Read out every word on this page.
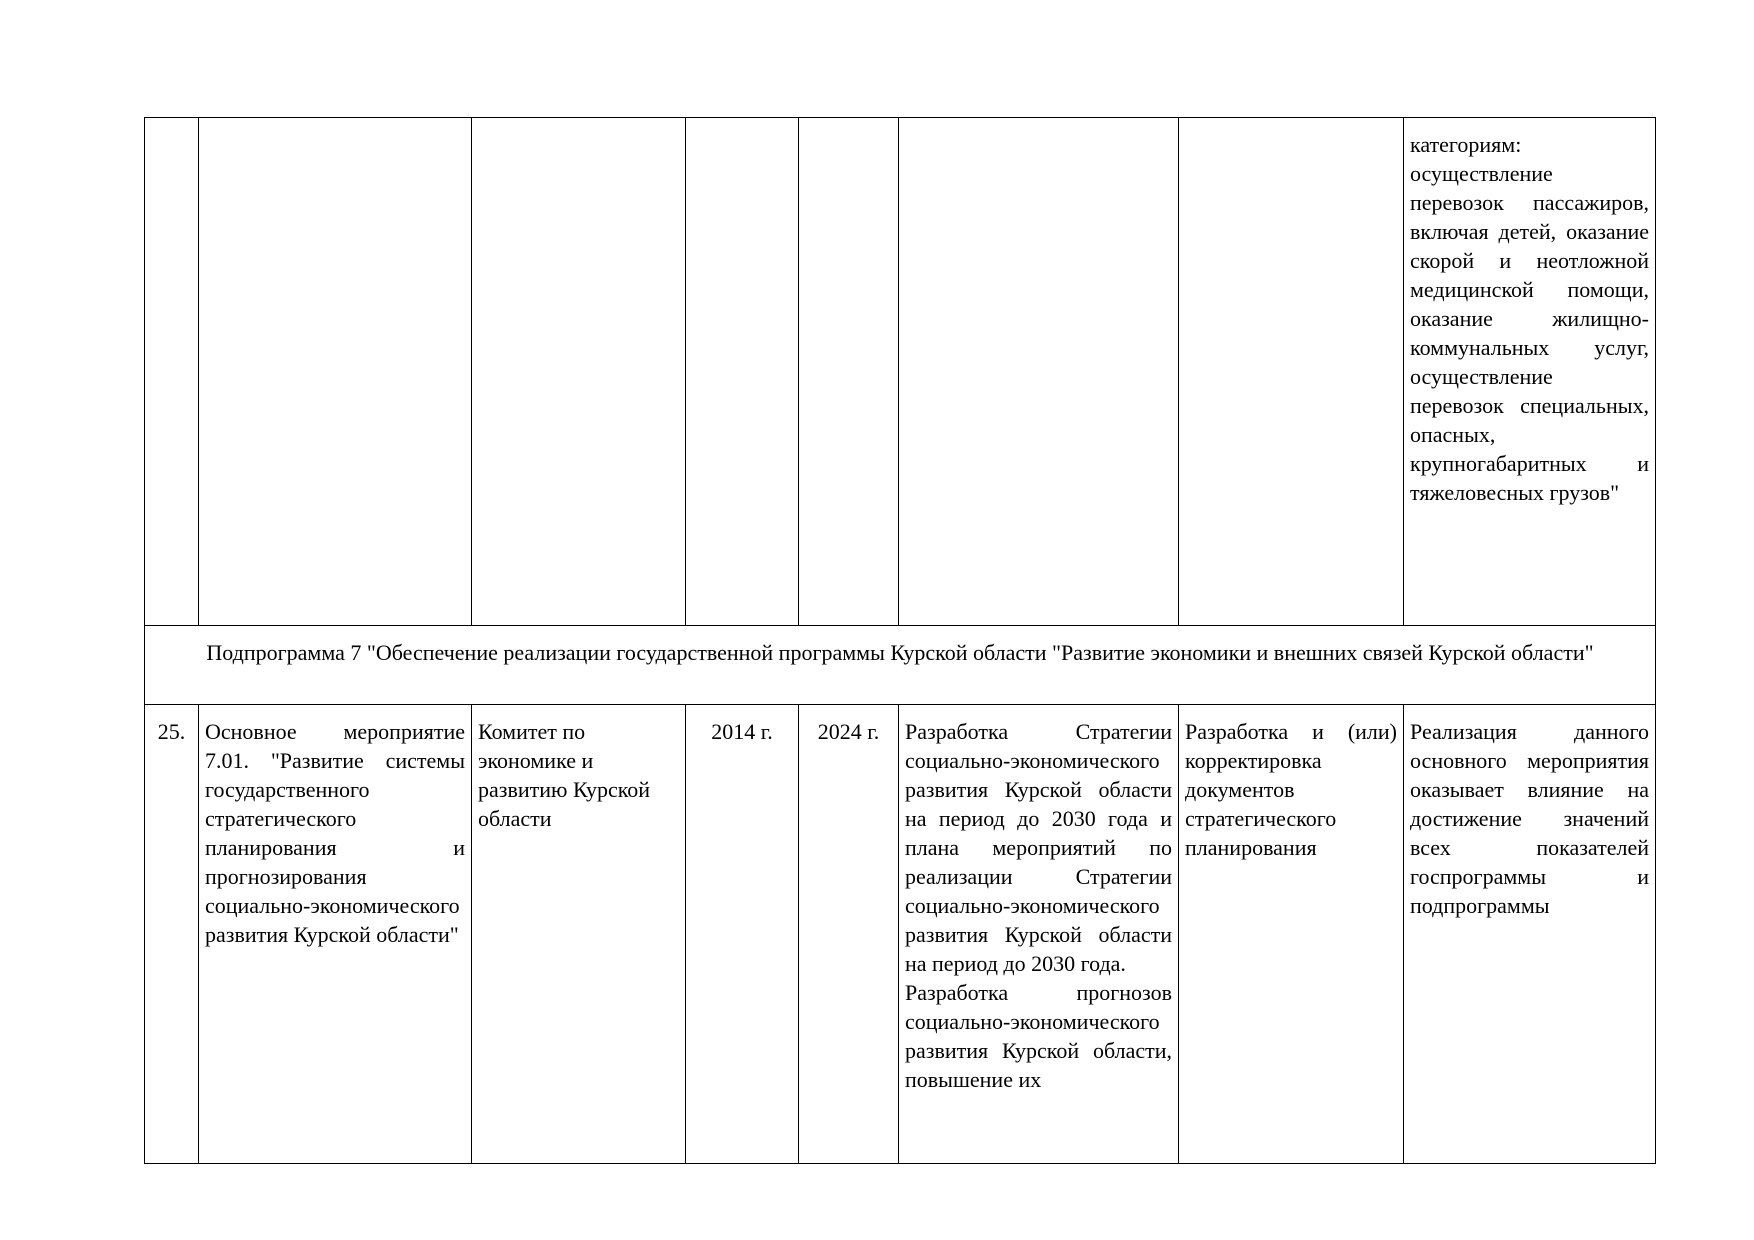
							категориям: осуществление перевозок пассажиров, включая детей, оказание скорой и неотложной медицинской помощи, оказание жилищно-коммунальных услуг, осуществление перевозок специальных, опасных, крупногабаритных и тяжеловесных грузов"
Подпрограмма 7 "Обеспечение реализации государственной программы Курской области "Развитие экономики и внешних связей Курской области"							
25.	Основное мероприятие 7.01. "Развитие системы государственного стратегического планирования и прогнозирования социально-экономического развития Курской области"	Комитет по экономике и развитию Курской области	2014 г.	2024 г.	Разработка Стратегии социально-экономического развития Курской области на период до 2030 года и плана мероприятий по реализации Стратегии социально-экономического развития Курской области на период до 2030 года.
Разработка прогнозов социально-экономического развития Курской области, повышение их	Разработка и (или) корректировка документов стратегического планирования	Реализация данного основного мероприятия оказывает влияние на достижение значений всех показателей госпрограммы и подпрограммы
